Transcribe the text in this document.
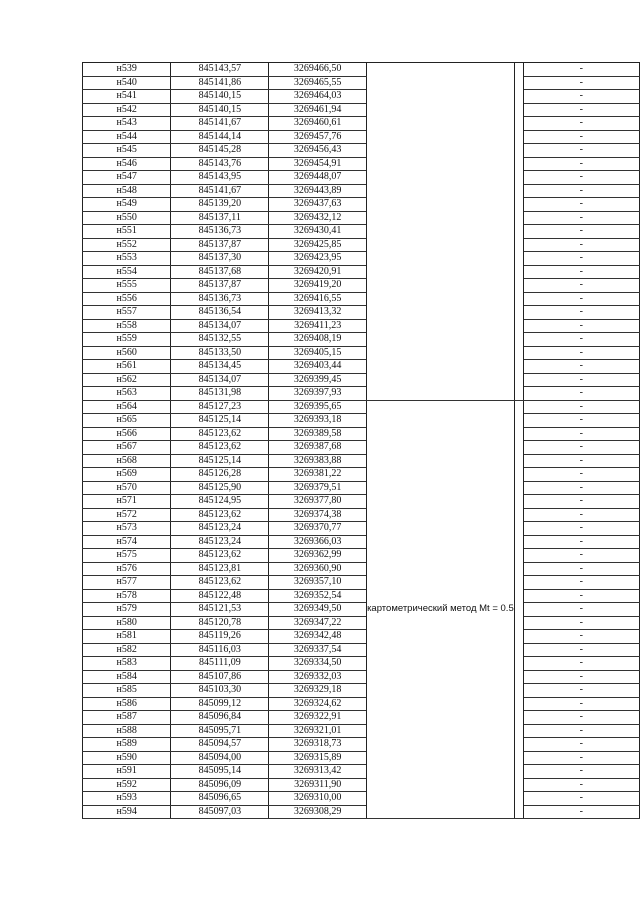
н539	845143,57	3269466,50			-
н540	845141,86	3269465,55			-
н541	845140,15	3269464,03			-
н542	845140,15	3269461,94			-
н543	845141,67	3269460,61			-
н544	845144,14	3269457,76			-
н545	845145,28	3269456,43			-
н546	845143,76	3269454,91			-
н547	845143,95	3269448,07			-
н548	845141,67	3269443,89			-
н549	845139,20	3269437,63			-
н550	845137,11	3269432,12			-
н551	845136,73	3269430,41			-
н552	845137,87	3269425,85			-
н553	845137,30	3269423,95			-
н554	845137,68	3269420,91			-
н555	845137,87	3269419,20			-
н556	845136,73	3269416,55			-
н557	845136,54	3269413,32			-
н558	845134,07	3269411,23			-
н559	845132,55	3269408,19			-
н560	845133,50	3269405,15			-
н561	845134,45	3269403,44			-
н562	845134,07	3269399,45			-
н563	845131,98	3269397,93			-
н564	845127,23	3269395,65	картометрический метод Mt = 0.5		-
н565	845125,14	3269393,18			-
н566	845123,62	3269389,58			-
н567	845123,62	3269387,68			-
н568	845125,14	3269383,88			-
н569	845126,28	3269381,22			-
н570	845125,90	3269379,51			-
н571	845124,95	3269377,80			-
н572	845123,62	3269374,38			-
н573	845123,24	3269370,77			-
н574	845123,24	3269366,03			-
н575	845123,62	3269362,99			-
н576	845123,81	3269360,90			-
н577	845123,62	3269357,10			-
н578	845122,48	3269352,54			-
н579	845121,53	3269349,50			-
н580	845120,78	3269347,22			-
н581	845119,26	3269342,48			-
н582	845116,03	3269337,54			-
н583	845111,09	3269334,50			-
н584	845107,86	3269332,03			-
н585	845103,30	3269329,18			-
н586	845099,12	3269324,62			-
н587	845096,84	3269322,91			-
н588	845095,71	3269321,01			-
н589	845094,57	3269318,73			-
н590	845094,00	3269315,89			-
н591	845095,14	3269313,42			-
н592	845096,09	3269311,90			-
н593	845096,65	3269310,00			-
н594	845097,03	3269308,29			-
